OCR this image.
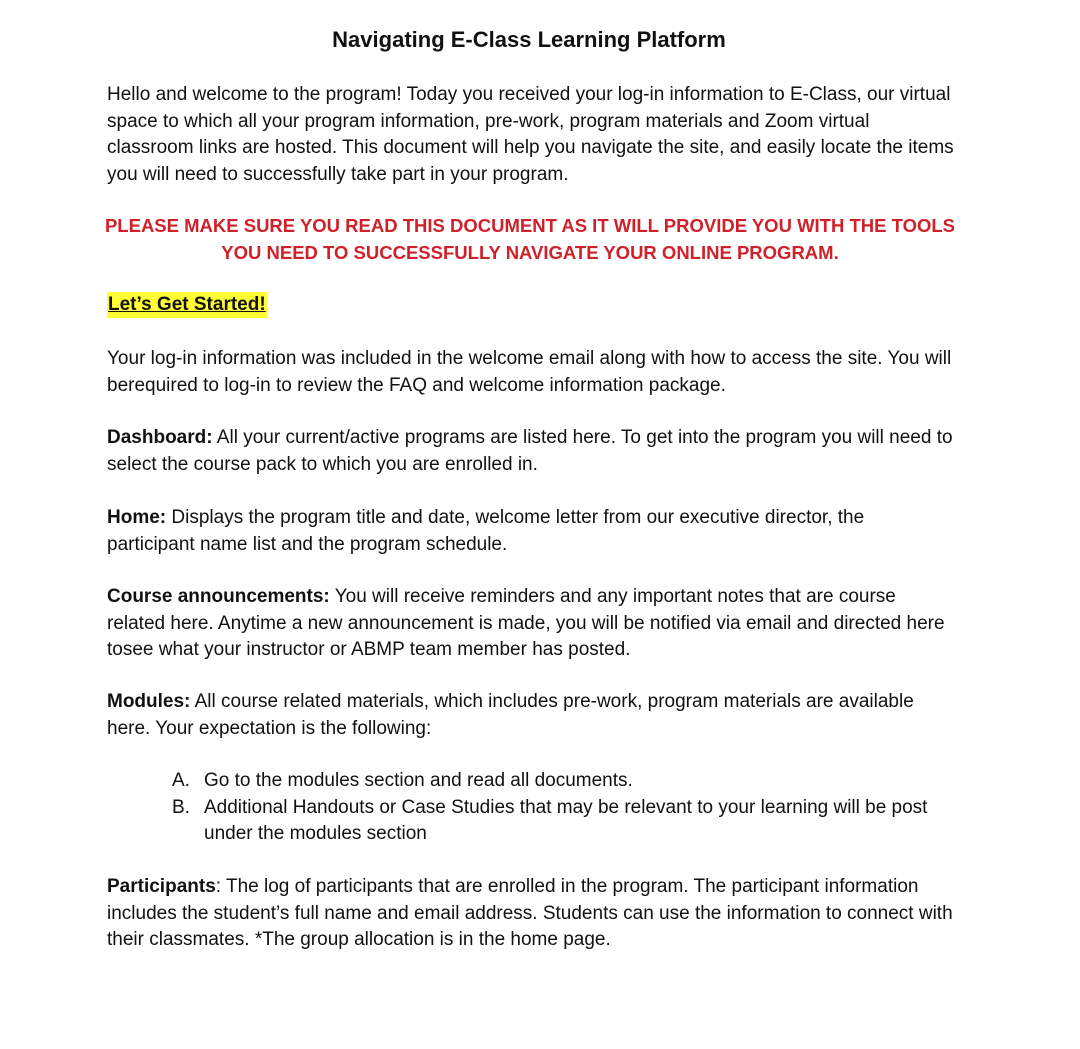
Navigating E-Class Learning Platform
Hello and welcome to the program! Today you received your log-in information to E-Class, our virtual space to which all your program information, pre-work, program materials and Zoom virtual classroom links are hosted. This document will help you navigate the site, and easily locate the items you will need to successfully take part in your program.
PLEASE MAKE SURE YOU READ THIS DOCUMENT AS IT WILL PROVIDE YOU WITH THE TOOLS
YOU NEED TO SUCCESSFULLY NAVIGATE YOUR ONLINE PROGRAM.
Let’s Get Started!
Your log-in information was included in the welcome email along with how to access the site. You will berequired to log-in to review the FAQ and welcome information package.
Dashboard: All your current/active programs are listed here. To get into the program you will need to select the course pack to which you are enrolled in.
Home: Displays the program title and date, welcome letter from our executive director, the participant name list and the program schedule.
Course announcements: You will receive reminders and any important notes that are course related here. Anytime a new announcement is made, you will be notified via email and directed here tosee what your instructor or ABMP team member has posted.
Modules: All course related materials, which includes pre-work, program materials are available here. Your expectation is the following:
A. Go to the modules section and read all documents.
B. Additional Handouts or Case Studies that may be relevant to your learning will be post under the modules section
Participants: The log of participants that are enrolled in the program. The participant information includes the student’s full name and email address. Students can use the information to connect with their classmates. *The group allocation is in the home page.
